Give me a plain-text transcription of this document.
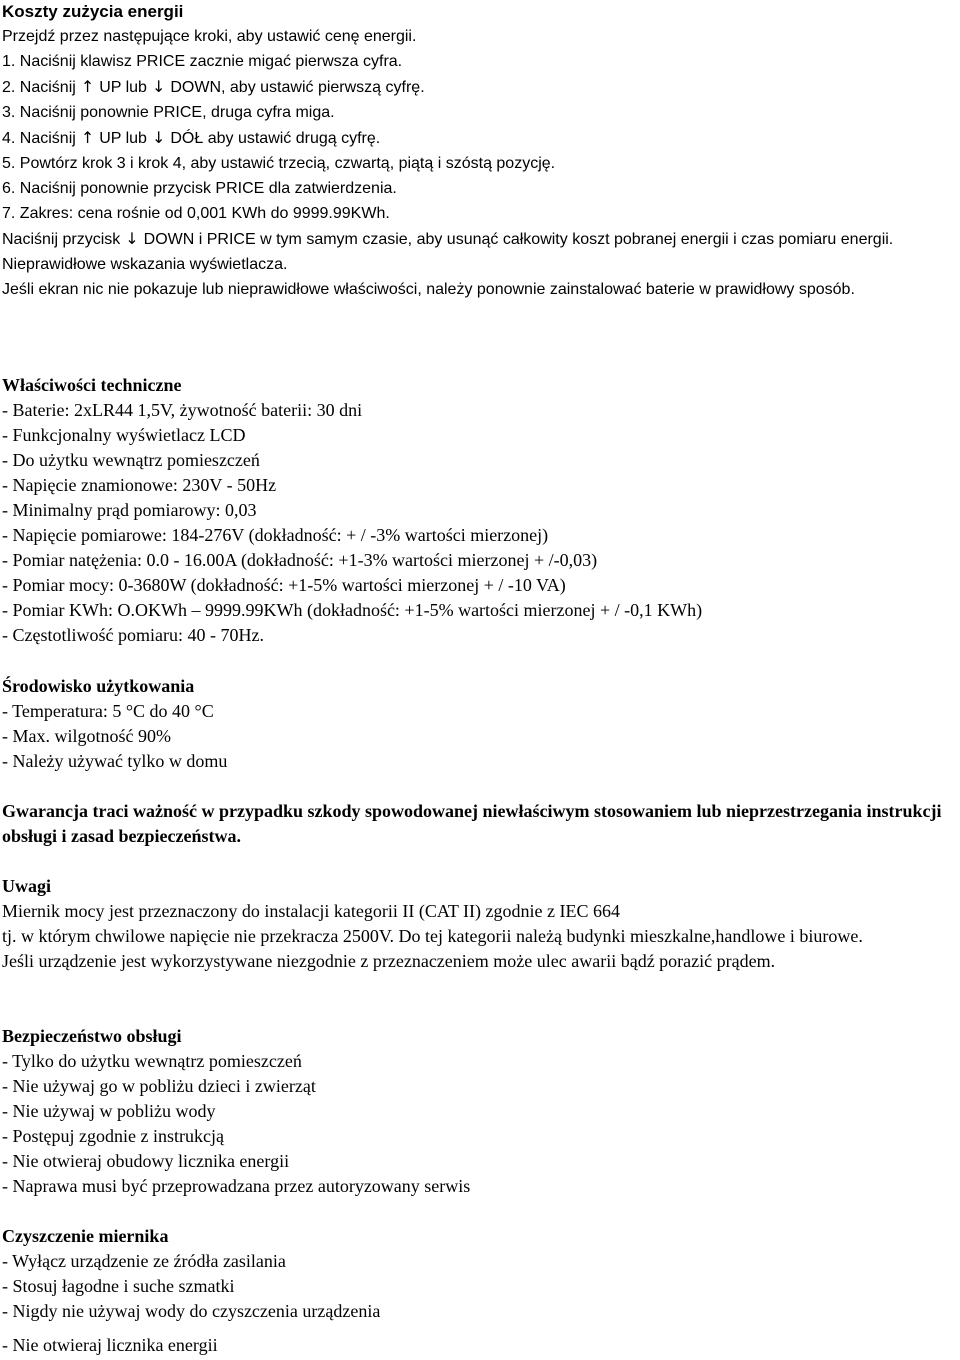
Koszty zużycia energii
Przejdź przez następujące kroki, aby ustawić cenę energii.
1. Naciśnij klawisz PRICE zacznie migać pierwsza cyfra.
2. Naciśnij ↑ UP lub ↓ DOWN, aby ustawić pierwszą cyfrę.
3. Naciśnij ponownie PRICE, druga cyfra miga.
4. Naciśnij ↑ UP lub ↓ DÓŁ aby ustawić drugą cyfrę.
5. Powtórz krok 3 i krok 4, aby ustawić trzecią, czwartą, piątą i szóstą pozycję.
6. Naciśnij ponownie przycisk PRICE dla zatwierdzenia.
7. Zakres: cena rośnie od 0,001 KWh do 9999.99KWh.
Naciśnij przycisk ↓ DOWN i PRICE w tym samym czasie, aby usunąć całkowity koszt pobranej energii i czas pomiaru energii.
Nieprawidłowe wskazania wyświetlacza.
Jeśli ekran nic nie pokazuje lub nieprawidłowe właściwości, należy ponownie zainstalować baterie w prawidłowy sposób.
Właściwości techniczne
- Baterie: 2xLR44 1,5V, żywotność baterii: 30 dni
- Funkcjonalny wyświetlacz LCD
- Do użytku wewnątrz pomieszczeń
- Napięcie znamionowe: 230V - 50Hz
- Minimalny prąd pomiarowy: 0,03
- Napięcie pomiarowe: 184-276V (dokładność: + / -3% wartości mierzonej)
- Pomiar natężenia: 0.0 - 16.00A (dokładność: +1-3% wartości mierzonej + /-0,03)
- Pomiar mocy: 0-3680W (dokładność: +1-5% wartości mierzonej + / -10 VA)
- Pomiar KWh: O.OKWh – 9999.99KWh (dokładność: +1-5% wartości mierzonej + / -0,1 KWh)
- Częstotliwość pomiaru: 40 - 70Hz.
Środowisko użytkowania
- Temperatura: 5 °C do 40 °C
- Max. wilgotność 90%
- Należy używać tylko w domu
Gwarancja traci ważność w przypadku szkody spowodowanej niewłaściwym stosowaniem lub nieprzestrzegania instrukcji obsługi i zasad bezpieczeństwa.
Uwagi
Miernik mocy jest przeznaczony do instalacji kategorii II (CAT II) zgodnie z IEC 664
tj. w którym chwilowe napięcie nie przekracza 2500V. Do tej kategorii należą budynki mieszkalne,handlowe i biurowe.
Jeśli urządzenie jest wykorzystywane niezgodnie z przeznaczeniem może ulec awarii bądź porazić prądem.
Bezpieczeństwo obsługi
- Tylko do użytku wewnątrz pomieszczeń
- Nie używaj go w pobliżu dzieci i zwierząt
- Nie używaj w pobliżu wody
- Postępuj zgodnie z instrukcją
- Nie otwieraj obudowy licznika energii
- Naprawa musi być przeprowadzana przez autoryzowany serwis
Czyszczenie miernika
- Wyłącz urządzenie ze źródła zasilania
- Stosuj łagodne i suche szmatki
- Nigdy nie używaj wody do czyszczenia urządzenia
- Nie otwieraj licznika energii
